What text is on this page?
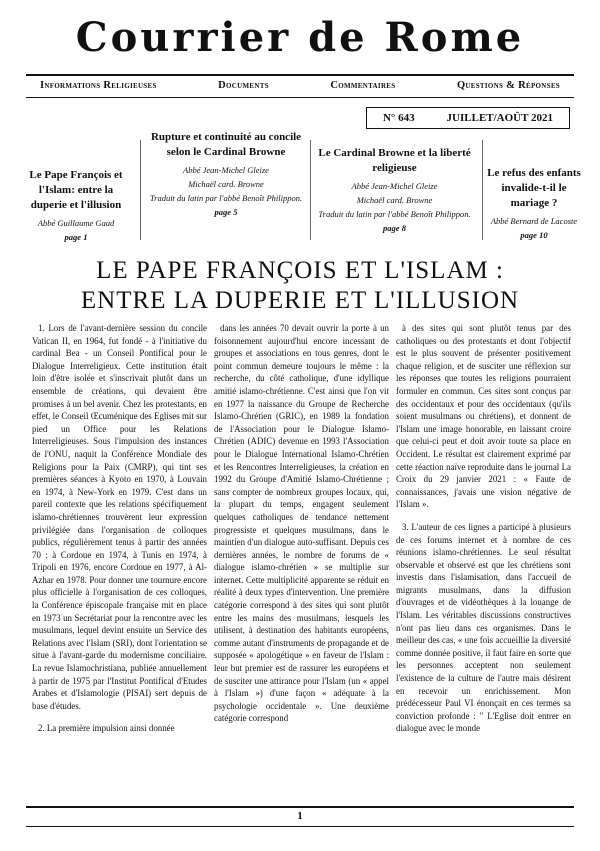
Courrier de Rome
Informations Religieuses	Documents	Commentaires	Questions & Réponses
N° 643	JUILLET/AOÛT 2021
Le Pape François et l'Islam: entre la duperie et l'illusion
Abbé Guillaume Gaud
page 1
Rupture et continuité au concile selon le Cardinal Browne
Abbé Jean-Michel Gleize
Michaël card. Browne
Traduit du latin par l'abbé Benoît Philippon.
page 5
Le Cardinal Browne et la liberté religieuse
Abbé Jean-Michel Gleize
Michaël card. Browne
Traduit du latin par l'abbé Benoît Philippon.
page 8
Le refus des enfants invalide-t-il le mariage ?
Abbé Bernard de Lacoste
page 10
LE PAPE FRANÇOIS ET L'ISLAM :
ENTRE LA DUPERIE ET L'ILLUSION

1. Lors de l'avant-dernière session du concile Vatican II, en 1964, fut fondé - à l'initiative du cardinal Bea - un Conseil Pontifical pour le Dialogue Interreligieux. Cette institution était loin d'être isolée et s'inscrivait plutôt dans un ensemble de créations, qui devaient être promises à un bel avenir. Chez les protestants, en effet, le Conseil Œcuménique des Eglises mit sur pied un Office pour les Relations Interreligieuses. Sous l'impulsion des instances de l'ONU, naquit la Conférence Mondiale des Religions pour la Paix (CMRP), qui tint ses premières séances à Kyoto en 1970, à Louvain en 1974, à New-York en 1979. C'est dans un pareil contexte que les relations spécifiquement islamo-chrétiennes trouvèrent leur expression privilégiée dans l'organisation de colloques publics, régulièrement tenus à partir des années 70 : à Cordoue en 1974, à Tunis en 1974, à Tripoli en 1976, encore Cordoue en 1977, à Al-Azhar en 1978. Pour donner une tournure encore plus officielle à l'organisation de ces colloques, la Conférence épiscopale française mit en place en 1973 un Secrétariat pour la rencontre avec les musulmans, lequel devint ensuite un Service des Relations avec l'Islam (SRI), dont l'orientation se situe à l'avant-garde du modernisme conciliaire. La revue Islamochristiana, publiée annuellement à partir de 1975 par l'Institut Pontifical d'Etudes Arabes et d'Islamologie (PISAI) sert depuis de base d'études.

2. La première impulsion ainsi donnée

dans les années 70 devait ouvrir la porte à un foisonnement aujourd'hui encore incessant de groupes et associations en tous genres, dont le point commun demeure toujours le même : la recherche, du côté catholique, d'une idyllique amitié islamo-chrétienne. C'est ainsi que l'on vit en 1977 la naissance du Groupe de Recherche Islamo-Chrétien (GRIC), en 1989 la fondation de l'Association pour le Dialogue Islamo-Chrétien (ADIC) devenue en 1993 l'Association pour le Dialogue International Islamo-Chrétien et les Rencontres Interreligieuses, la création en 1992 du Groupe d'Amitié Islamo-Chrétienne ; sans compter de nombreux groupes locaux, qui, la plupart du temps, engagent seulement quelques catholiques de tendance nettement progressiste et quelques musulmans, dans le maintien d'un dialogue auto-suffisant. Depuis ces dernières années, le nombre de forums de « dialogue islamo-chrétien » se multiplie sur internet. Cette multiplicité apparente se réduit en réalité à deux types d'intervention. Une première catégorie correspond à des sites qui sont plutôt entre les mains des musulmans, lesquels les utilisent, à destination des habitants européens, comme autant d'instruments de propagande et de supposée « apologétique » en faveur de l'Islam : leur but premier est de rassurer les européens et de susciter une attirance pour l'Islam (un « appel à l'Islam ») d'une façon « adéquate à la psychologie occidentale ». Une deuxième catégorie correspond

à des sites qui sont plutôt tenus par des catholiques ou des protestants et dont l'objectif est le plus souvent de présenter positivement chaque religion, et de susciter une réflexion sur les réponses que toutes les religions pourraient formuler en commun. Ces sites sont conçus par des occidentaux et pour des occidentaux (qu'ils soient musulmans ou chrétiens), et donnent de l'Islam une image honorable, en laissant croire que celui-ci peut et doit avoir toute sa place en Occident. Le résultat est clairement exprimé par cette réaction naïve reproduite dans le journal La Croix du 29 janvier 2021 : « Faute de connaissances, j'avais une vision négative de l'Islam ».

3. L'auteur de ces lignes a participé à plusieurs de ces forums internet et à nombre de ces réunions islamo-chrétiennes. Le seul résultat observable et observé est que les chrétiens sont investis dans l'islamisation, dans l'accueil de migrants musulmans, dans la diffusion d'ouvrages et de vidéothèques à la louange de l'Islam. Les véritables discussions constructives n'ont pas lieu dans ces organismes. Dans le meilleur des cas, « une fois accueillie la diversité comme donnée positive, il faut faire en sorte que les personnes acceptent non seulement l'existence de la culture de l'autre mais désirent en recevoir un enrichissement. Mon prédécesseur Paul VI énonçait en ces termes sa conviction profonde : " L'Eglise doit entrer en dialogue avec le monde

1
